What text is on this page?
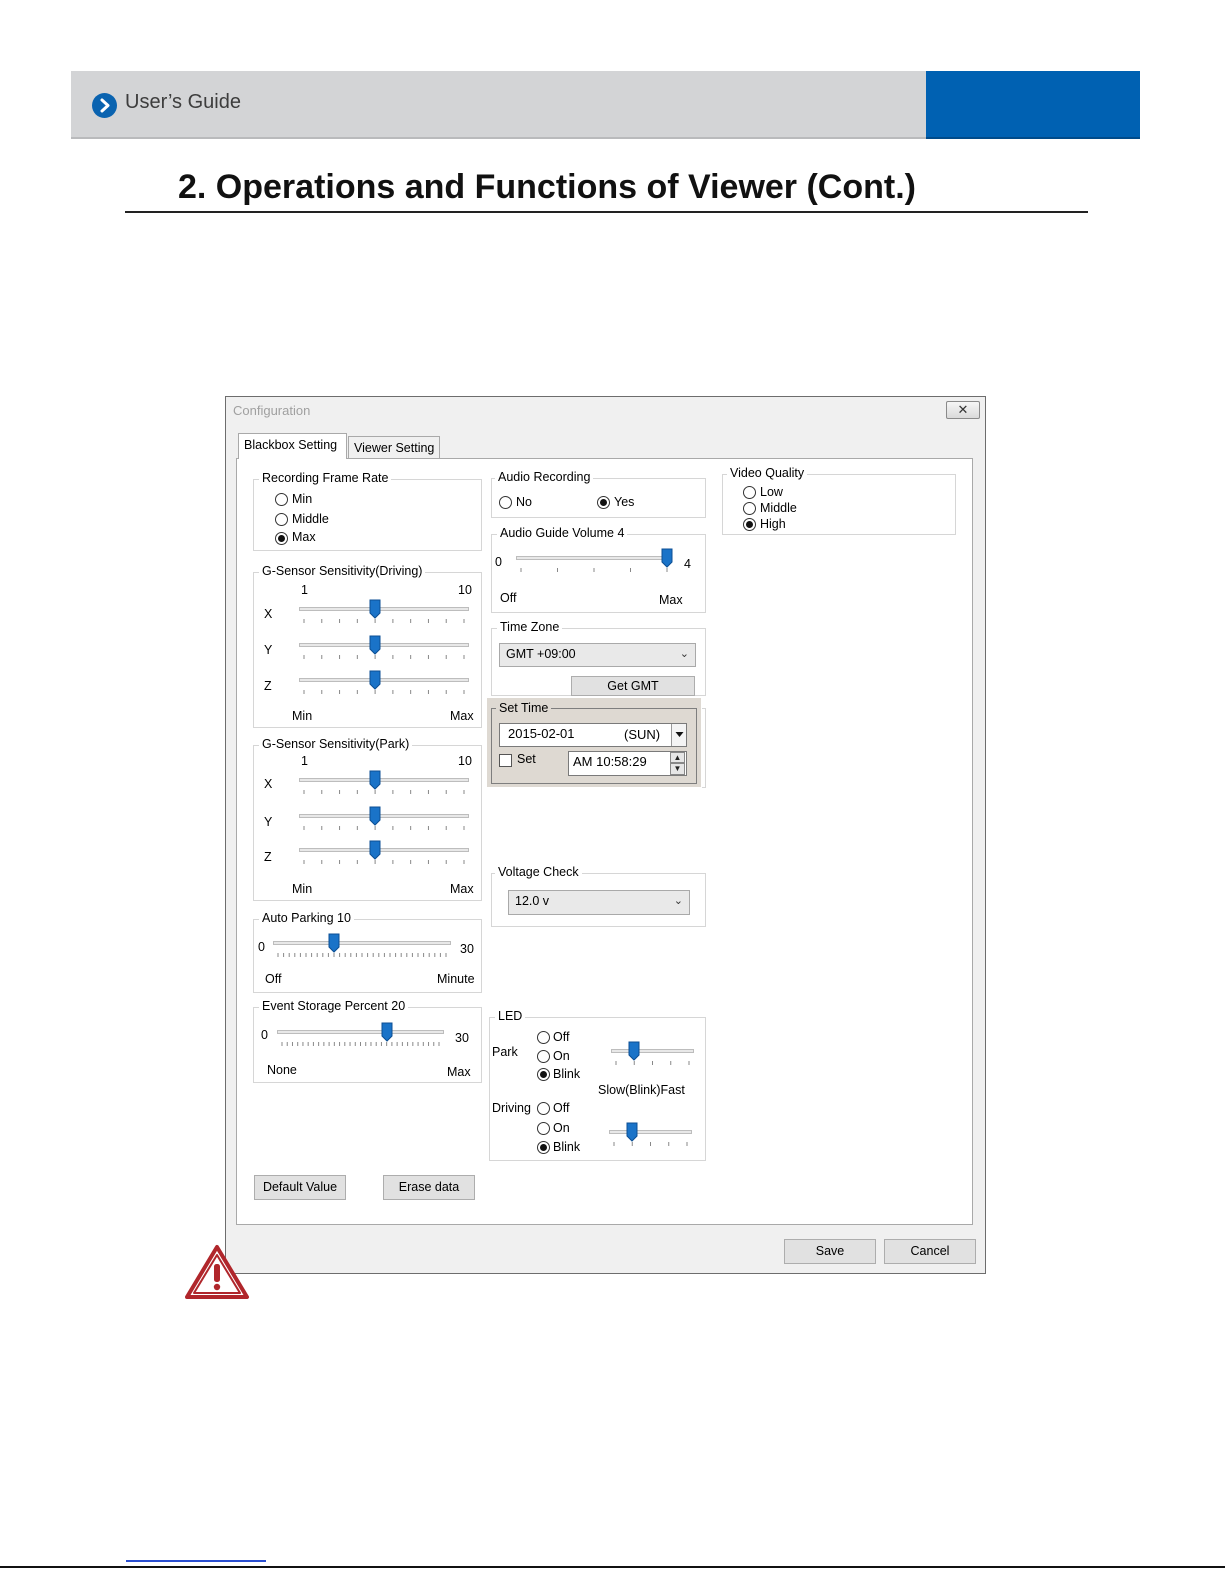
User’s Guide
2. Operations and Functions of Viewer (Cont.)
Configuration	✕
Blackbox Setting	Viewer Setting
Recording Frame Rate
Min
Middle
Max
G-Sensor Sensitivity(Driving)
1	10
X
Y
Z
Min	Max
G-Sensor Sensitivity(Park)
1	10
X
Y
Z
Min	Max
Auto Parking 10
0	30
Off	Minute
Event Storage Percent 20
0	30
None	Max
Default Value	Erase data
Audio Recording
No	Yes
Audio Guide Volume 4
0	4
Off	Max
Time Zone
GMT +09:00	⌄
Get GMT
Set Time
2015-02-01	(SUN)
Set	AM 10:58:29	▲
▼
Voltage Check
12.0 v	⌄
LED
Park
Off
On
Blink
Slow(Blink)Fast
Driving Off
On
Blink
Video Quality
Low
Middle
High
Save	Cancel
